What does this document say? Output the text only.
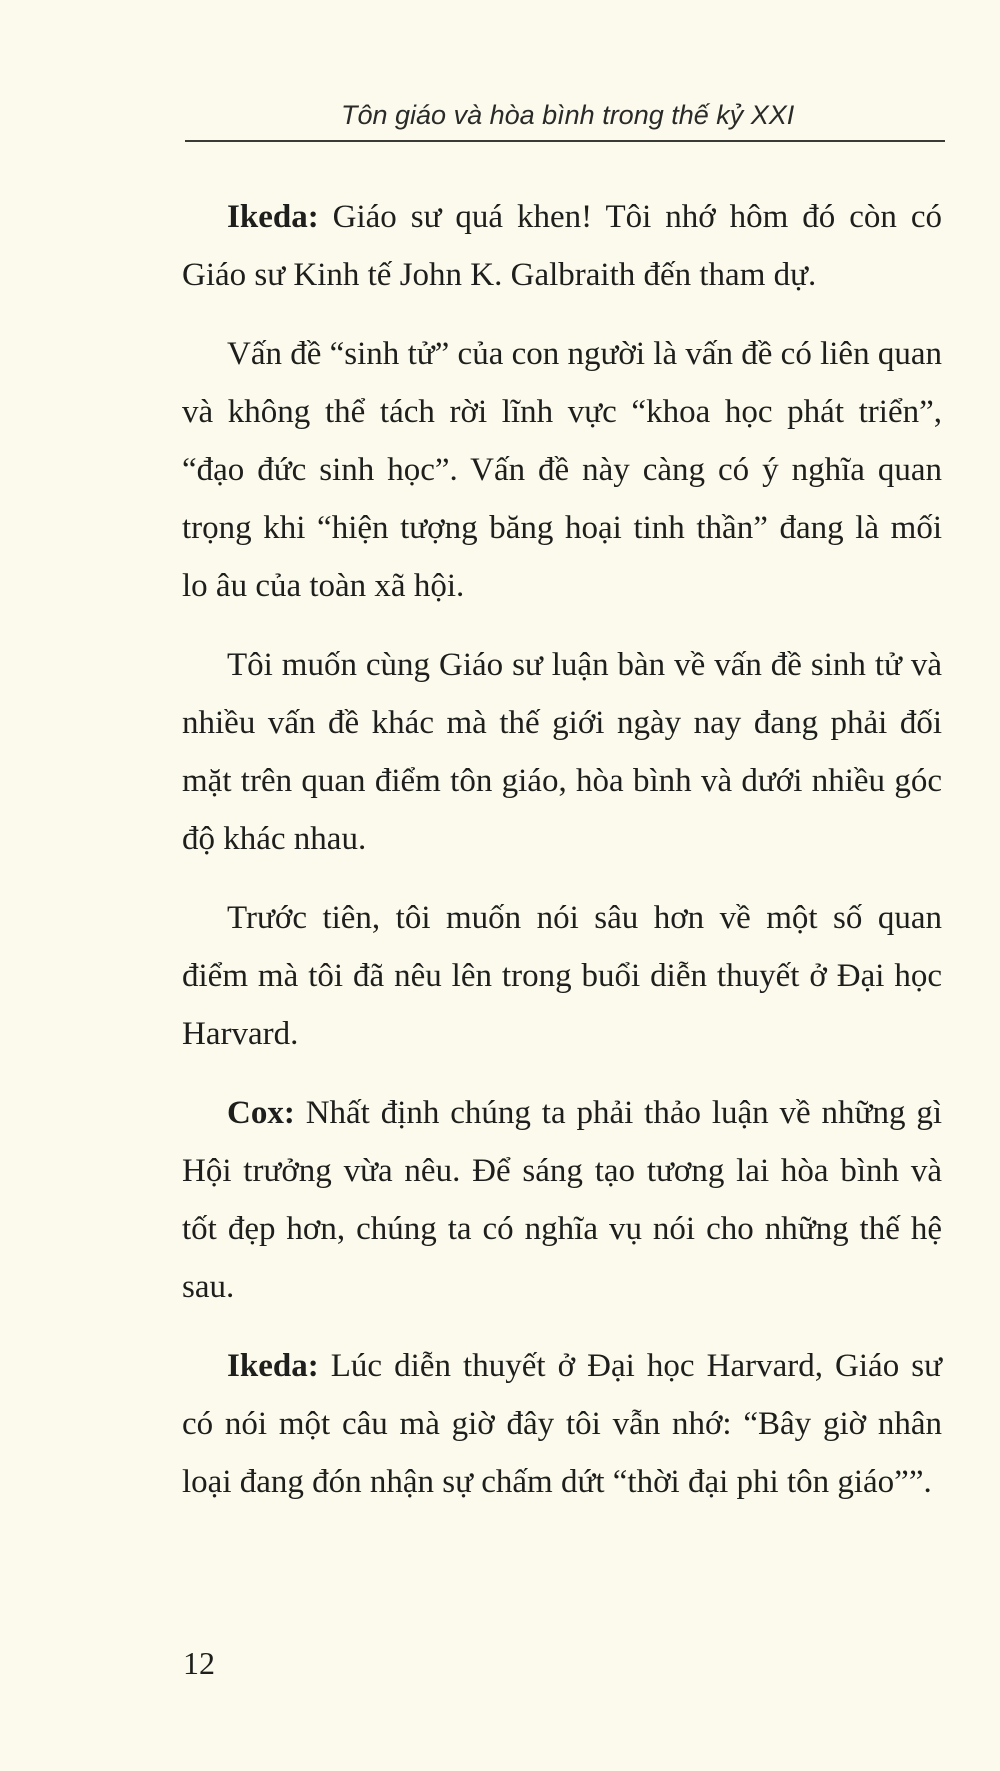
Tôn giáo và hòa bình trong thế kỷ XXI

Ikeda: Giáo sư quá khen! Tôi nhớ hôm đó còn có Giáo sư Kinh tế John K. Galbraith đến tham dự.

Vấn đề “sinh tử” của con người là vấn đề có liên quan và không thể tách rời lĩnh vực “khoa học phát triển”, “đạo đức sinh học”. Vấn đề này càng có ý nghĩa quan trọng khi “hiện tượng băng hoại tinh thần” đang là mối lo âu của toàn xã hội.

Tôi muốn cùng Giáo sư luận bàn về vấn đề sinh tử và nhiều vấn đề khác mà thế giới ngày nay đang phải đối mặt trên quan điểm tôn giáo, hòa bình và dưới nhiều góc độ khác nhau.

Trước tiên, tôi muốn nói sâu hơn về một số quan điểm mà tôi đã nêu lên trong buổi diễn thuyết ở Đại học Harvard.

Cox: Nhất định chúng ta phải thảo luận về những gì Hội trưởng vừa nêu. Để sáng tạo tương lai hòa bình và tốt đẹp hơn, chúng ta có nghĩa vụ nói cho những thế hệ sau.

Ikeda: Lúc diễn thuyết ở Đại học Harvard, Giáo sư có nói một câu mà giờ đây tôi vẫn nhớ: “Bây giờ nhân loại đang đón nhận sự chấm dứt “thời đại phi tôn giáo””.

12
